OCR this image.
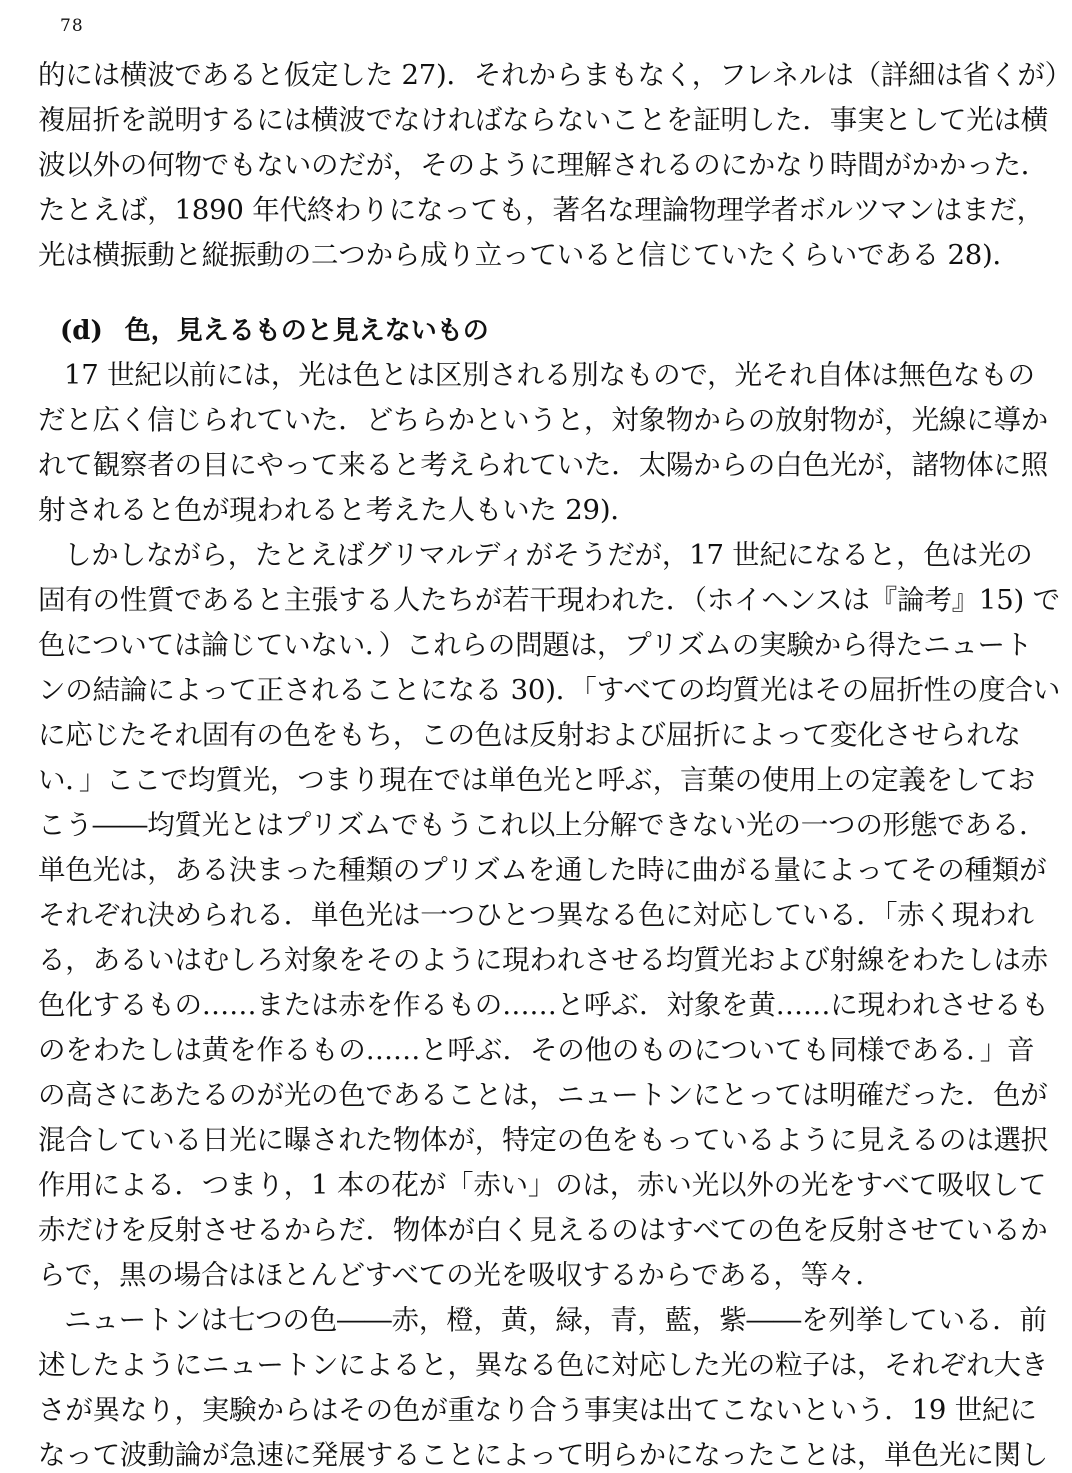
78
的には横波であると仮定した 27)．それからまもなく，フレネルは（詳細は省くが）
複屈折を説明するには横波でなければならないことを証明した．事実として光は横
波以外の何物でもないのだが，そのように理解されるのにかなり時間がかかった．
たとえば，1890 年代終わりになっても，著名な理論物理学者ボルツマンはまだ，
光は横振動と縦振動の二つから成り立っていると信じていたくらいである 28)．
(d) 色，見えるものと見えないもの
17 世紀以前には，光は色とは区別される別なもので，光それ自体は無色なもの
だと広く信じられていた．どちらかというと，対象物からの放射物が，光線に導か
れて観察者の目にやって来ると考えられていた．太陽からの白色光が，諸物体に照
射されると色が現われると考えた人もいた 29)．
しかしながら，たとえばグリマルディがそうだが，17 世紀になると，色は光の
固有の性質であると主張する人たちが若干現われた．（ホイヘンスは『論考』15) で
色については論じていない．）これらの問題は，プリズムの実験から得たニュート
ンの結論によって正されることになる 30)．「すべての均質光はその屈折性の度合い
に応じたそれ固有の色をもち，この色は反射および屈折によって変化させられな
い．」ここで均質光，つまり現在では単色光と呼ぶ，言葉の使用上の定義をしてお
こう――均質光とはプリズムでもうこれ以上分解できない光の一つの形態である．
単色光は，ある決まった種類のプリズムを通した時に曲がる量によってその種類が
それぞれ決められる．単色光は一つひとつ異なる色に対応している．「赤く現われ
る，あるいはむしろ対象をそのように現われさせる均質光および射線をわたしは赤
色化するもの……または赤を作るもの……と呼ぶ．対象を黄……に現われさせるも
のをわたしは黄を作るもの……と呼ぶ．その他のものについても同様である．」音
の高さにあたるのが光の色であることは，ニュートンにとっては明確だった．色が
混合している日光に曝された物体が，特定の色をもっているように見えるのは選択
作用による．つまり，1 本の花が「赤い」のは，赤い光以外の光をすべて吸収して
赤だけを反射させるからだ．物体が白く見えるのはすべての色を反射させているか
らで，黒の場合はほとんどすべての光を吸収するからである，等々．
ニュートンは七つの色――赤，橙，黄，緑，青，藍，紫――を列挙している．前
述したようにニュートンによると，異なる色に対応した光の粒子は，それぞれ大き
さが異なり，実験からはその色が重なり合う事実は出てこないという．19 世紀に
なって波動論が急速に発展することによって明らかになったことは，単色光に関し
